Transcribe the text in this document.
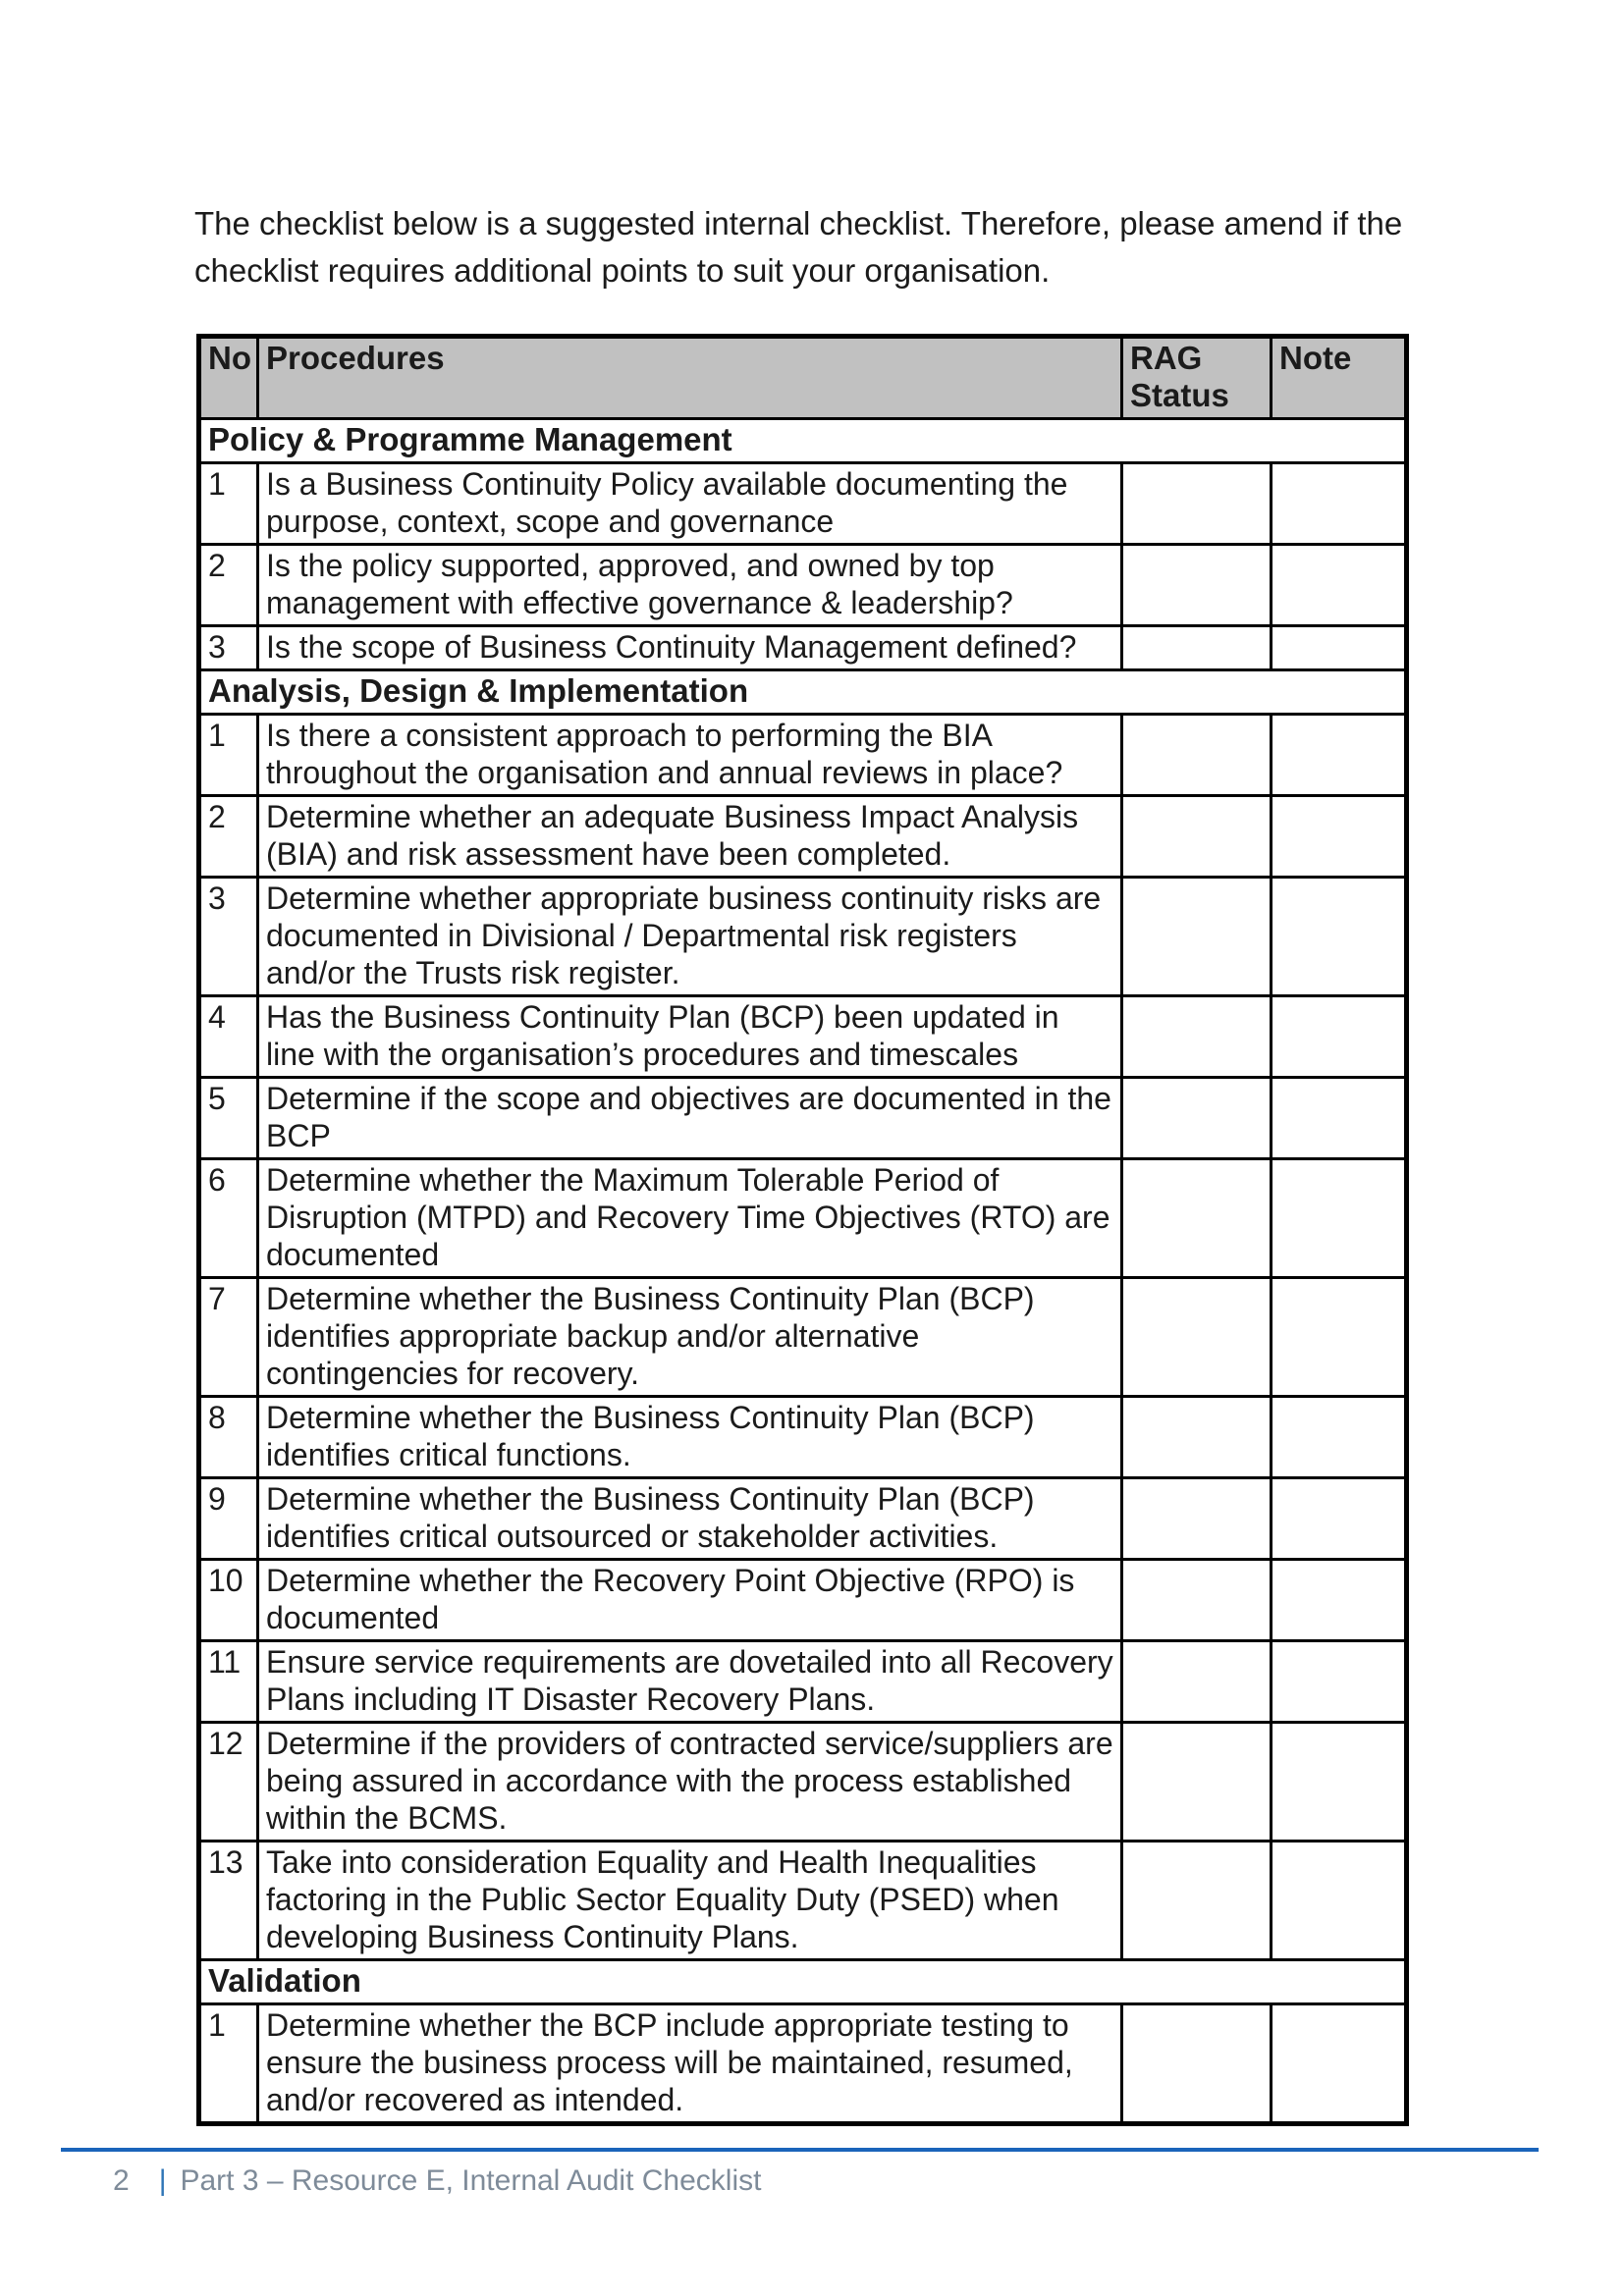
The checklist below is a suggested internal checklist. Therefore, please amend if the checklist requires additional points to suit your organisation.

No	Procedures	RAG Status	Note
Policy & Programme Management			
1	Is a Business Continuity Policy available documenting the purpose, context, scope and governance		
2	Is the policy supported, approved, and owned by top management with effective governance & leadership?		
3	Is the scope of Business Continuity Management defined?		
Analysis, Design & Implementation			
1	Is there a consistent approach to performing the BIA throughout the organisation and annual reviews in place?		
2	Determine whether an adequate Business Impact Analysis (BIA) and risk assessment have been completed.		
3	Determine whether appropriate business continuity risks are documented in Divisional / Departmental risk registers and/or the Trusts risk register.		
4	Has the Business Continuity Plan (BCP) been updated in line with the organisation’s procedures and timescales		
5	Determine if the scope and objectives are documented in the BCP		
6	Determine whether the Maximum Tolerable Period of Disruption (MTPD) and Recovery Time Objectives (RTO) are documented		
7	Determine whether the Business Continuity Plan (BCP) identifies appropriate backup and/or alternative contingencies for recovery.		
8	Determine whether the Business Continuity Plan (BCP) identifies critical functions.		
9	Determine whether the Business Continuity Plan (BCP) identifies critical outsourced or stakeholder activities.		
10	Determine whether the Recovery Point Objective (RPO) is documented		
11	Ensure service requirements are dovetailed into all Recovery Plans including IT Disaster Recovery Plans.		
12	Determine if the providers of contracted service/suppliers are being assured in accordance with the process established within the BCMS.		
13	Take into consideration Equality and Health Inequalities factoring in the Public Sector Equality Duty (PSED) when developing Business Continuity Plans.		
Validation			
1	Determine whether the BCP include appropriate testing to ensure the business process will be maintained, resumed, and/or recovered as intended.		
2 | Part 3 – Resource E, Internal Audit Checklist
